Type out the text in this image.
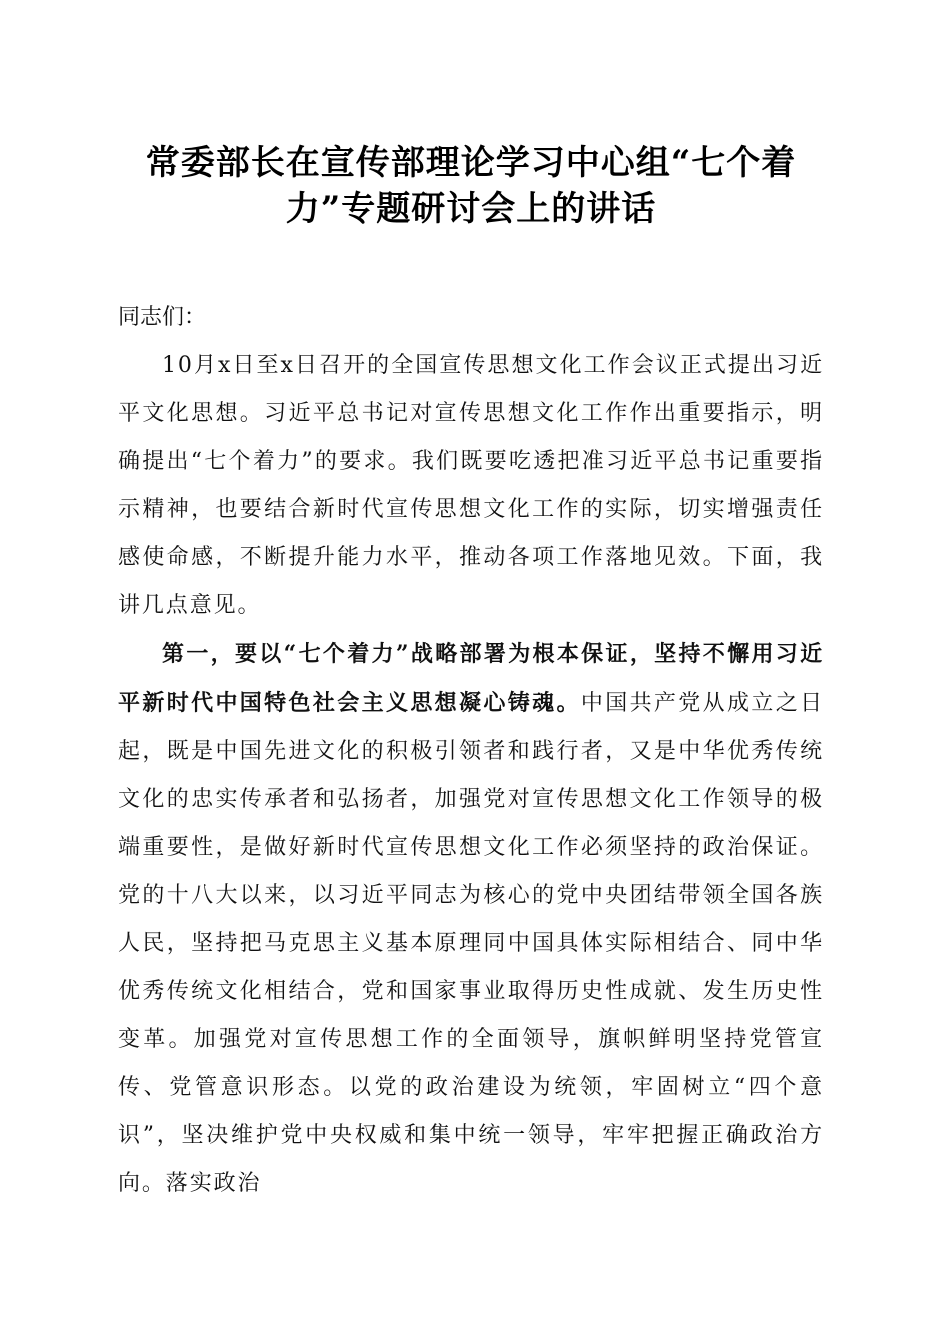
常委部长在宣传部理论学习中心组“七个着力”专题研讨会上的讲话

同志们：

10月x日至x日召开的全国宣传思想文化工作会议正式提出习近平文化思想。习近平总书记对宣传思想文化工作作出重要指示，明确提出“七个着力”的要求。我们既要吃透把准习近平总书记重要指示精神，也要结合新时代宣传思想文化工作的实际，切实增强责任感使命感，不断提升能力水平，推动各项工作落地见效。下面，我讲几点意见。

第一，要以“七个着力”战略部署为根本保证，坚持不懈用习近平新时代中国特色社会主义思想凝心铸魂。中国共产党从成立之日起，既是中国先进文化的积极引领者和践行者，又是中华优秀传统文化的忠实传承者和弘扬者，加强党对宣传思想文化工作领导的极端重要性，是做好新时代宣传思想文化工作必须坚持的政治保证。党的十八大以来，以习近平同志为核心的党中央团结带领全国各族人民，坚持把马克思主义基本原理同中国具体实际相结合、同中华优秀传统文化相结合，党和国家事业取得历史性成就、发生历史性变革。加强党对宣传思想工作的全面领导，旗帜鲜明坚持党管宣传、党管意识形态。以党的政治建设为统领，牢固树立“四个意识”，坚决维护党中央权威和集中统一领导，牢牢把握正确政治方向。落实政治
